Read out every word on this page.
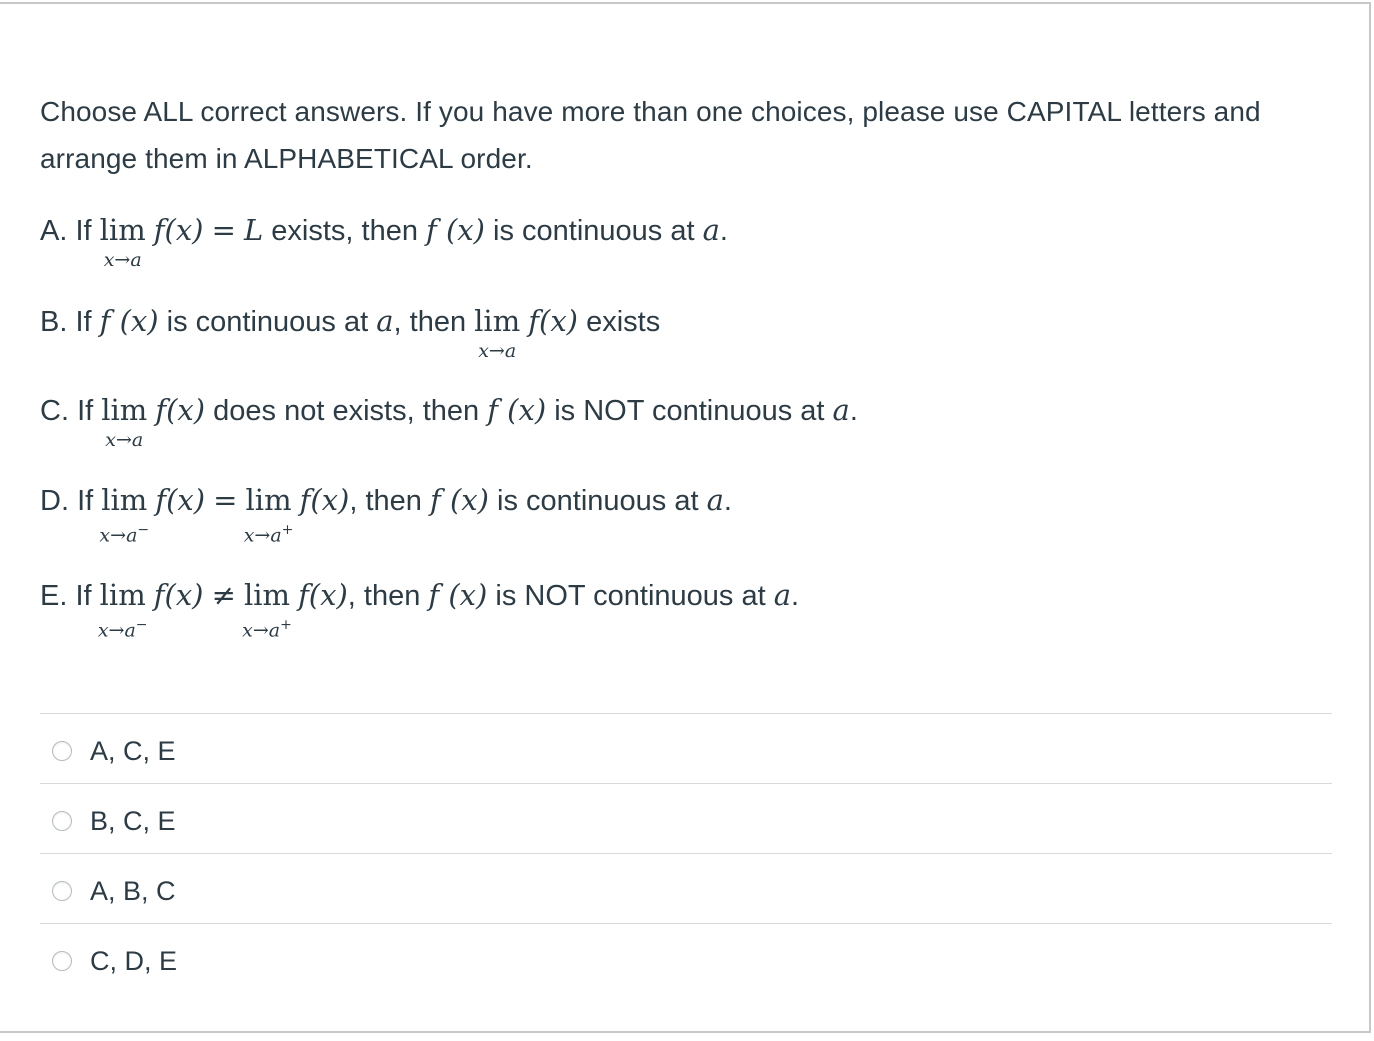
Choose ALL correct answers. If you have more than one choices, please use CAPITAL letters and arrange them in ALPHABETICAL order.
A. If lim
x→a
f(x) = L exists, then f (x) is continuous at a.
B. If f (x) is continuous at a, then lim
x→a
f(x) exists
C. If lim
x→a
f(x) does not exists, then f (x) is NOT continuous at a.
D. If lim
x→a−
f(x) = lim
x→a+
f(x), then f (x) is continuous at a.
E. If lim
x→a−
f(x) ≠ lim
x→a+
f(x), then f (x) is NOT continuous at a.
A, C, E
B, C, E
A, B, C
C, D, E
